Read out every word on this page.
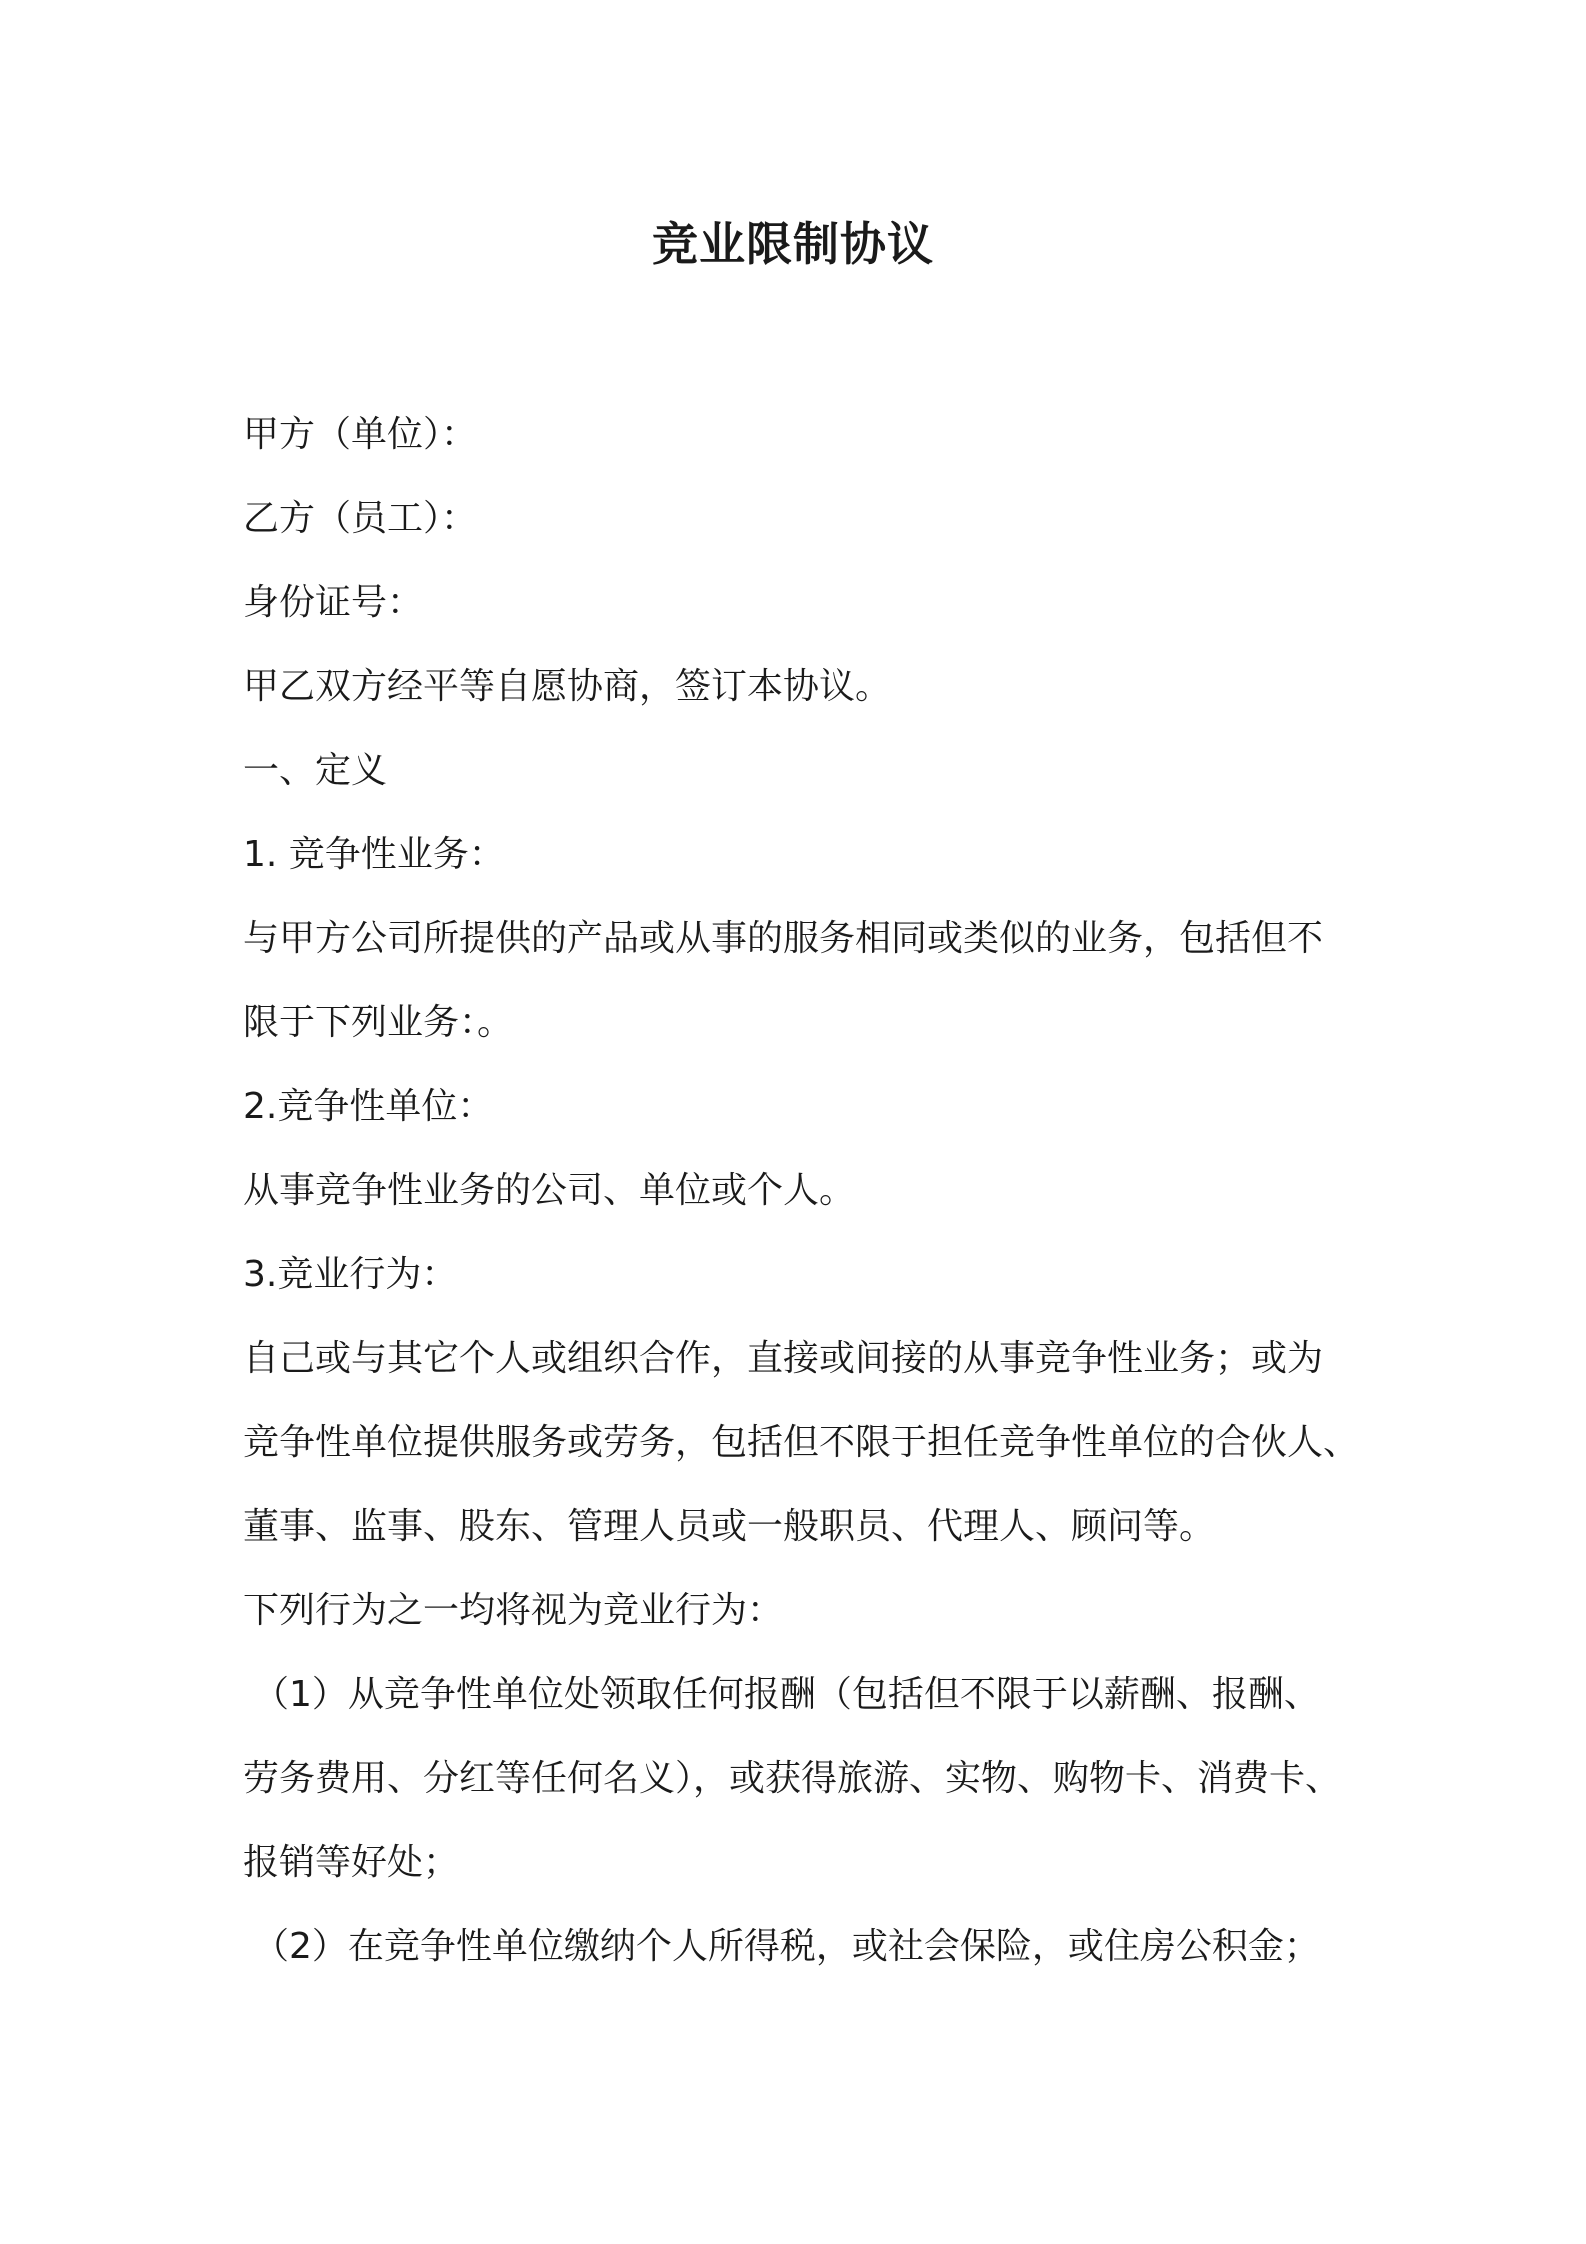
竞业限制协议

甲方（单位）：

乙方（员工）：

身份证号：

甲乙双方经平等自愿协商，签订本协议。

一、定义

1. 竞争性业务：

与甲方公司所提供的产品或从事的服务相同或类似的业务，包括但不

限于下列业务：。

2.竞争性单位：

从事竞争性业务的公司、单位或个人。

3.竞业行为：

自己或与其它个人或组织合作，直接或间接的从事竞争性业务；或为

竞争性单位提供服务或劳务，包括但不限于担任竞争性单位的合伙人、

董事、监事、股东、管理人员或一般职员、代理人、顾问等。

下列行为之一均将视为竞业行为：

（1）从竞争性单位处领取任何报酬（包括但不限于以薪酬、报酬、

劳务费用、分红等任何名义），或获得旅游、实物、购物卡、消费卡、

报销等好处；

（2）在竞争性单位缴纳个人所得税，或社会保险，或住房公积金；
